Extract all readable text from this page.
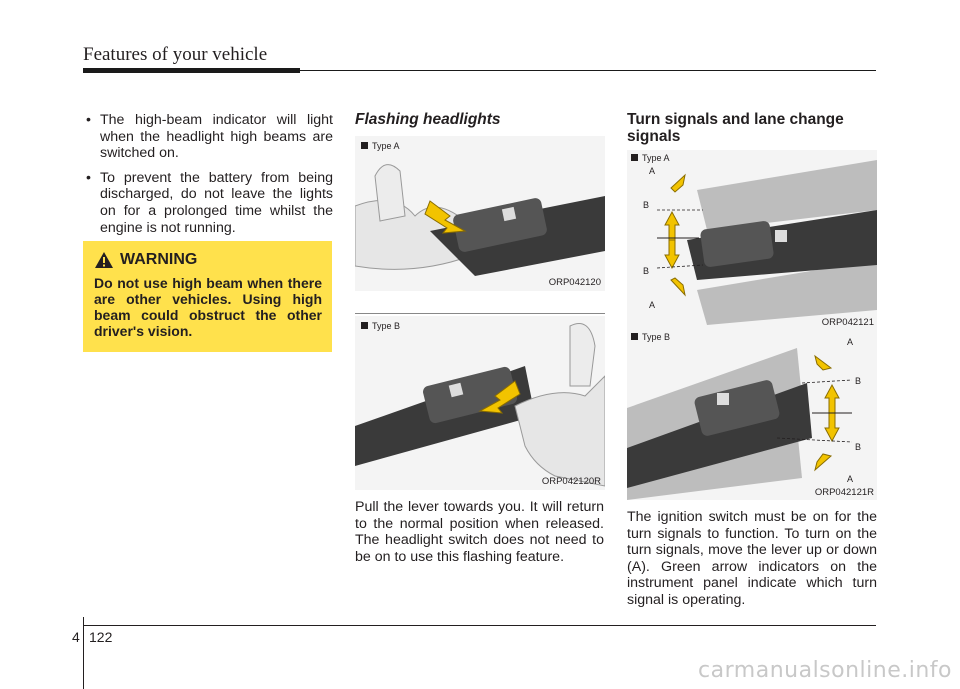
Features of your vehicle
• The high-beam indicator will light when the headlight high beams are switched on.
• To prevent the battery from being discharged, do not leave the lights on for a prolonged time whilst the engine is not running.
WARNING
Do not use high beam when there are other vehicles. Using high beam could obstruct the other driver's vision.
Flashing headlights
Type A
ORP042120
Type B
ORP042120R
Pull the lever towards you. It will return to the normal position when released. The headlight switch does not need to be on to use this flashing feature.
Turn signals and lane change signals
Type A
A
B
B
A
ORP042121
Type B	A
B
B
A
ORP042121R
The ignition switch must be on for the turn signals to function. To turn on the turn signals, move the lever up or down (A). Green arrow indicators on the instrument panel indicate which turn signal is operating.
4 122
carmanualsonline.info
